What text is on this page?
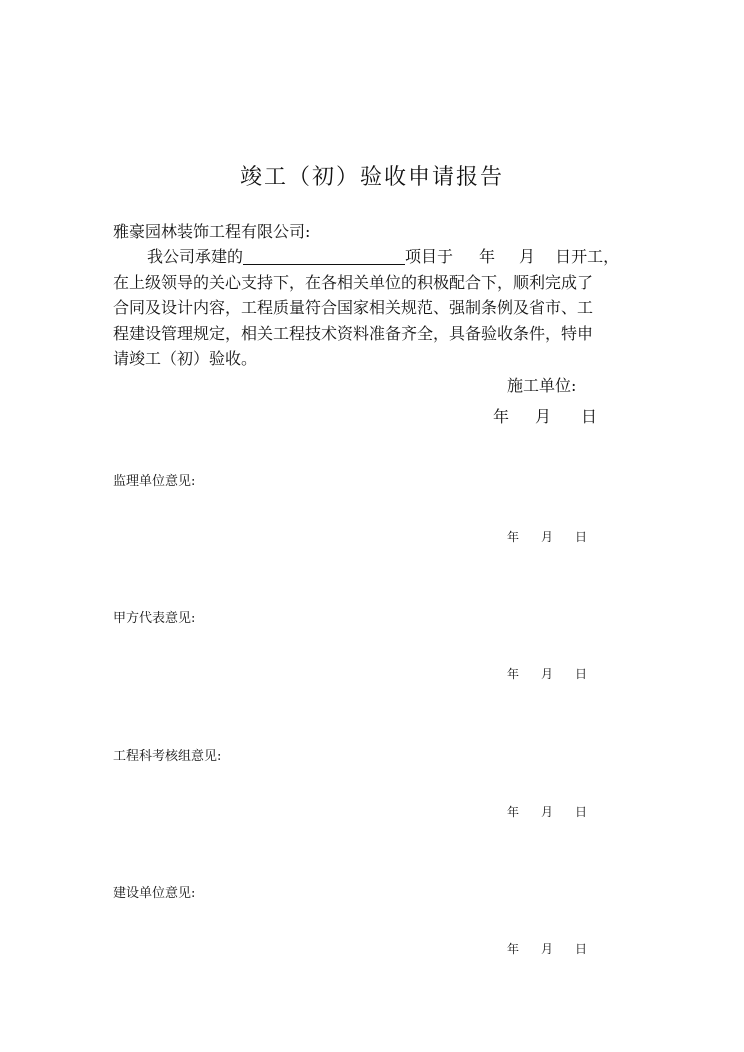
竣工（初）验收申请报告
雅豪园林装饰工程有限公司:
我公司承建的	项目于 年 月 日开工，
在上级领导的关心支持下，在各相关单位的积极配合下，顺利完成了
合同及设计内容，工程质量符合国家相关规范、强制条例及省市、工
程建设管理规定，相关工程技术资料准备齐全，具备验收条件，特申
请竣工（初）验收。
施工单位:
年 月 日
监理单位意见:
年 月 日
甲方代表意见:
年 月 日
工程科考核组意见:
年 月 日
建设单位意见:
年 月 日
